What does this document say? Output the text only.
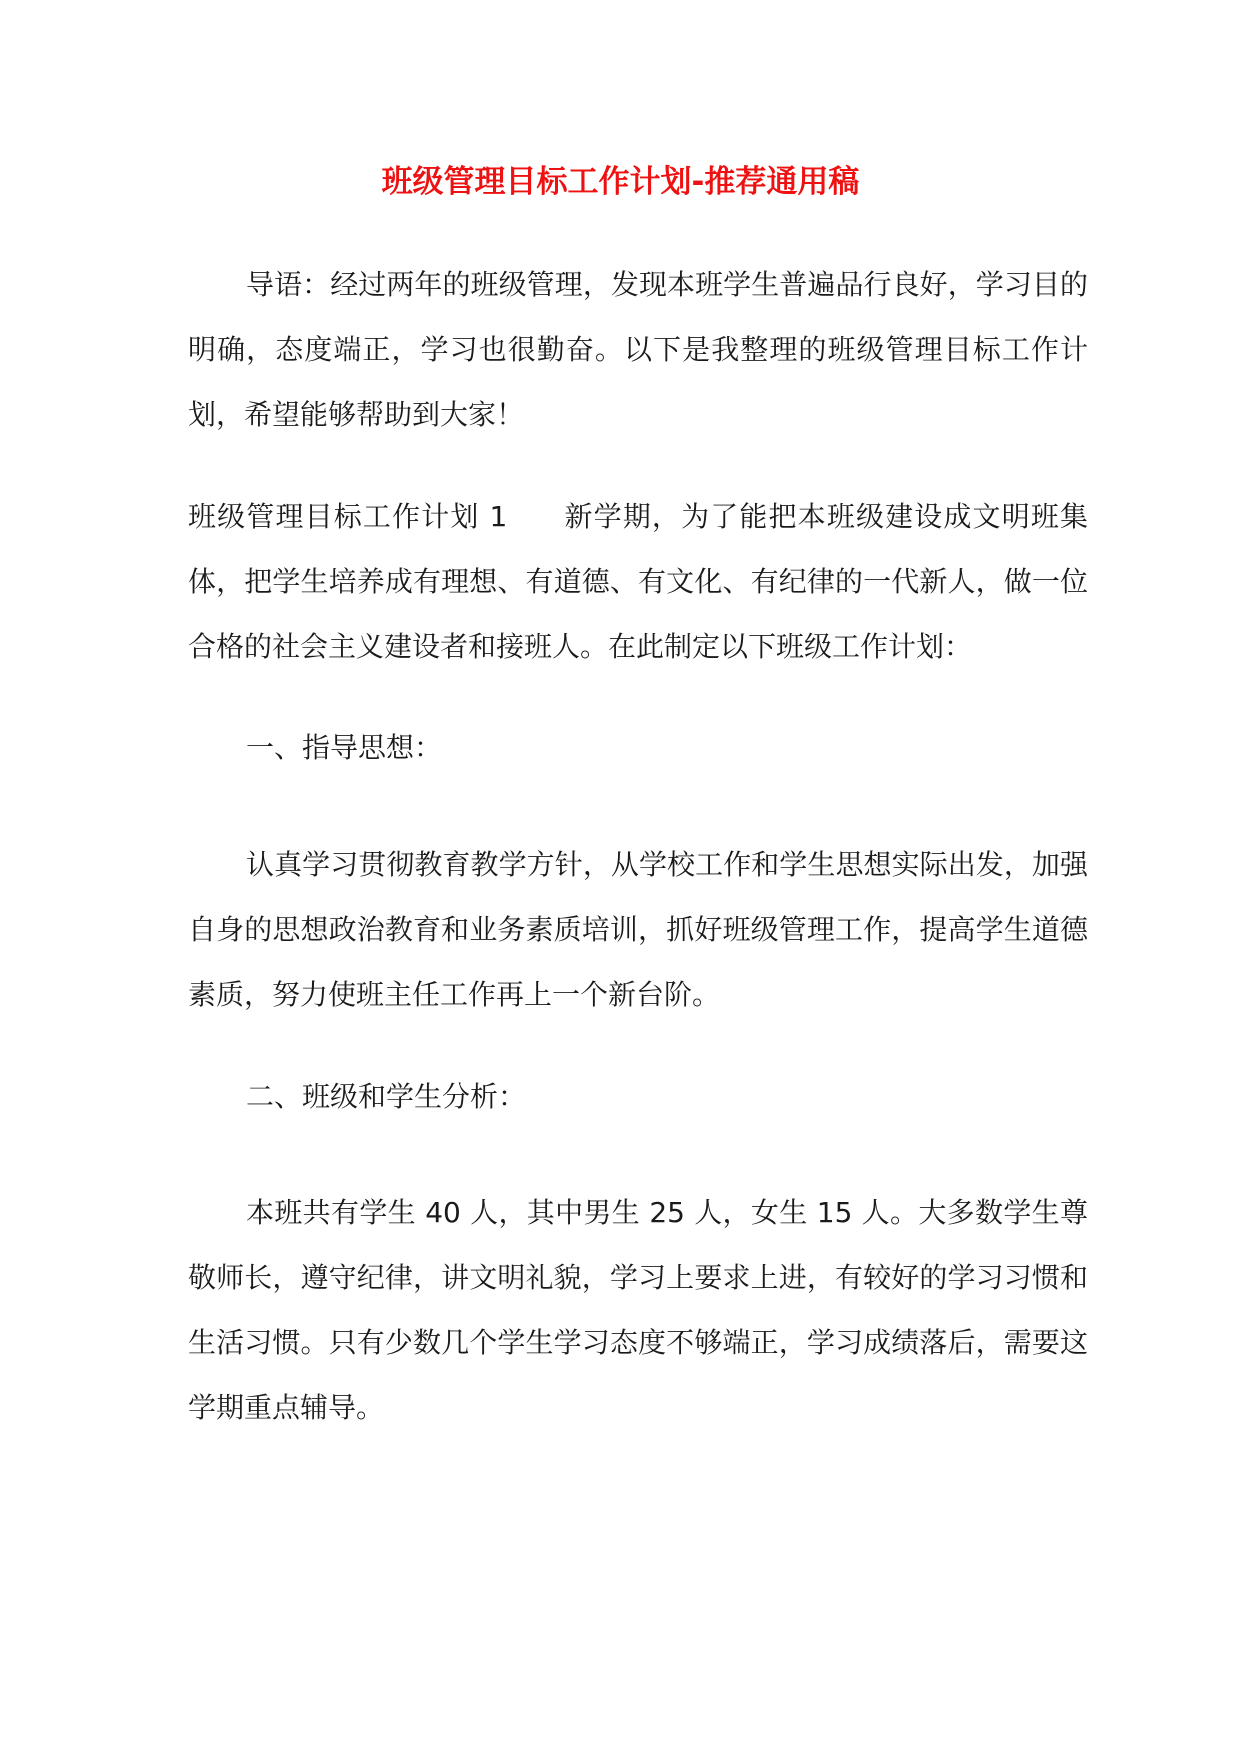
班级管理目标工作计划-推荐通用稿

导语：经过两年的班级管理，发现本班学生普遍品行良好，学习目的明确，态度端正，学习也很勤奋。以下是我整理的班级管理目标工作计划，希望能够帮助到大家！

班级管理目标工作计划 1 新学期，为了能把本班级建设成文明班集体，把学生培养成有理想、有道德、有文化、有纪律的一代新人，做一位合格的社会主义建设者和接班人。在此制定以下班级工作计划：

一、指导思想：

认真学习贯彻教育教学方针，从学校工作和学生思想实际出发，加强自身的思想政治教育和业务素质培训，抓好班级管理工作，提高学生道德素质，努力使班主任工作再上一个新台阶。

二、班级和学生分析：

本班共有学生 40 人，其中男生 25 人，女生 15 人。大多数学生尊敬师长，遵守纪律，讲文明礼貌，学习上要求上进，有较好的学习习惯和生活习惯。只有少数几个学生学习态度不够端正，学习成绩落后，需要这学期重点辅导。
